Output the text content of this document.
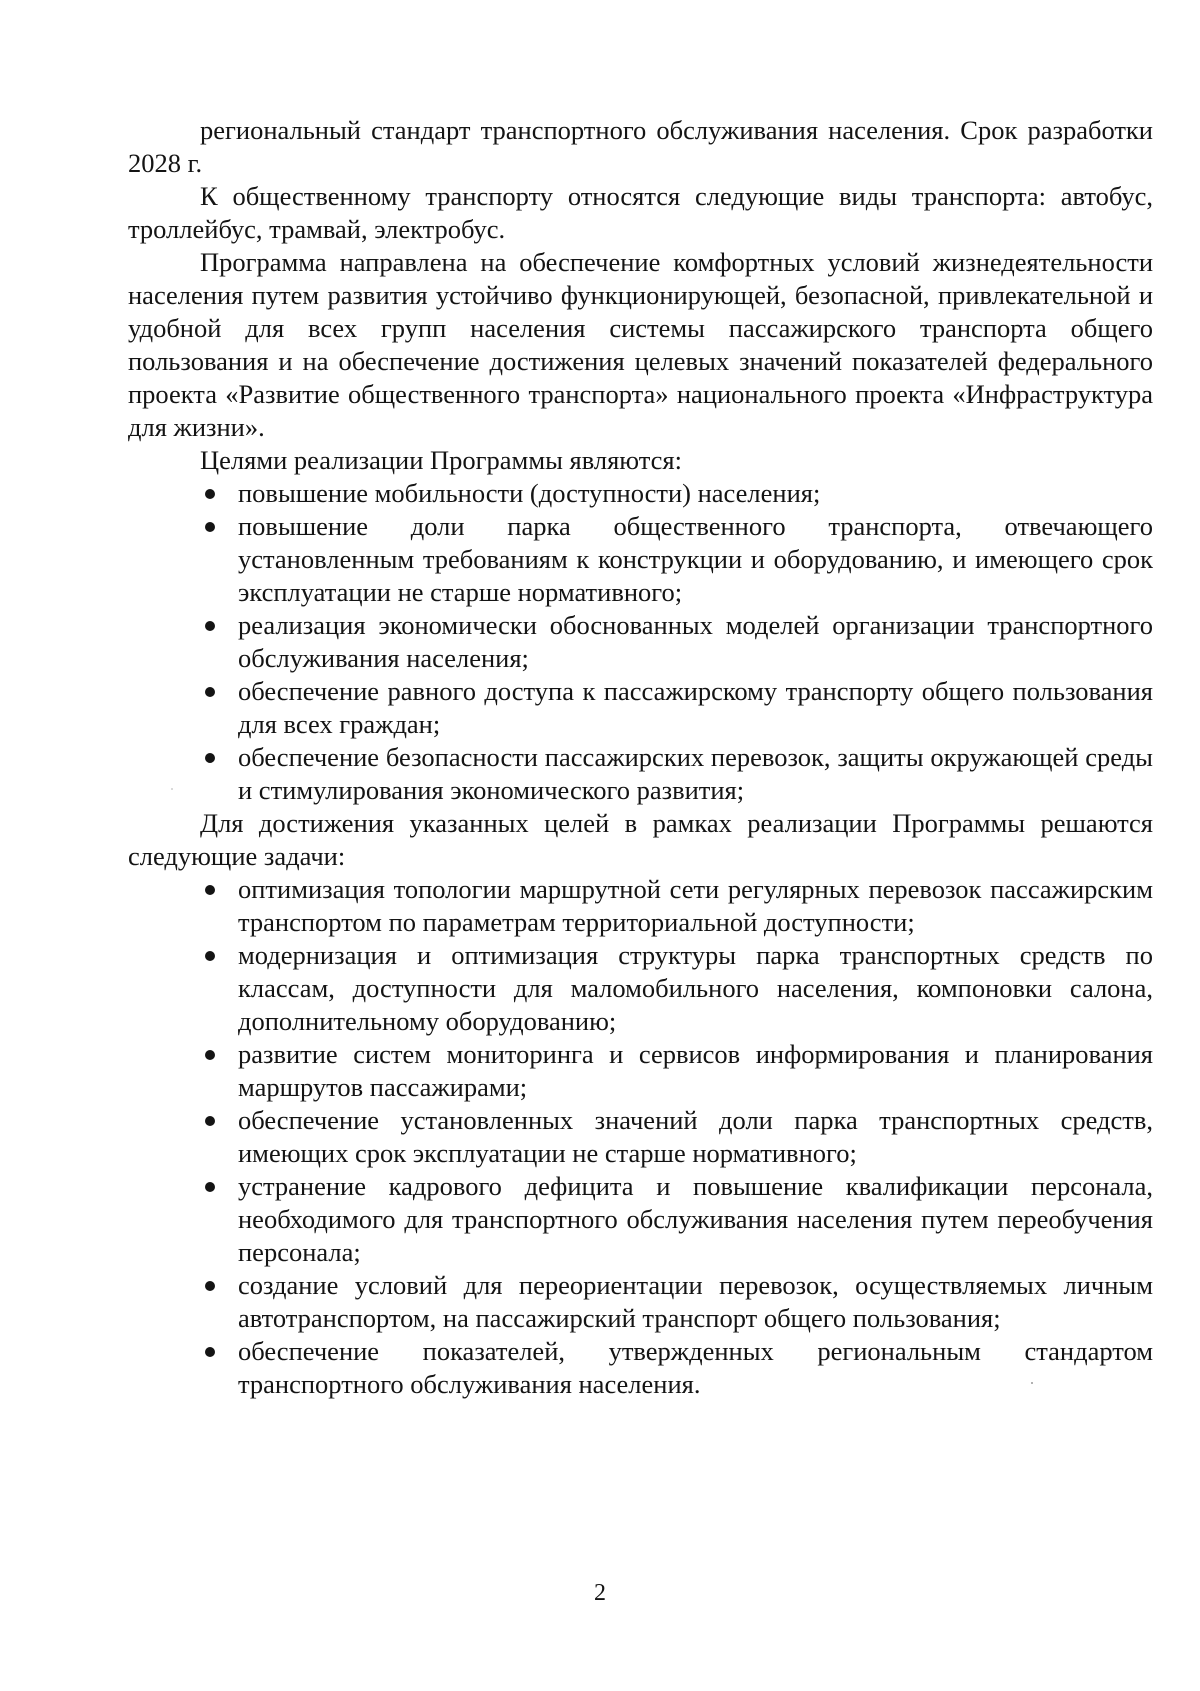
региональный стандарт транспортного обслуживания населения. Срок разработки 2028 г.

К общественному транспорту относятся следующие виды транспорта: автобус, троллейбус, трамвай, электробус.

Программа направлена на обеспечение комфортных условий жизнедеятельности населения путем развития устойчиво функционирующей, безопасной, привлекательной и удобной для всех групп населения системы пассажирского транспорта общего пользования и на обеспечение достижения целевых значений показателей федерального проекта «Развитие общественного транспорта» национального проекта «Инфраструктура для жизни».

Целями реализации Программы являются:

повышение мобильности (доступности) населения;
повышение доли парка общественного транспорта, отвечающего установленным требованиям к конструкции и оборудованию, и имеющего срок эксплуатации не старше нормативного;
реализация экономически обоснованных моделей организации транспортного обслуживания населения;
обеспечение равного доступа к пассажирскому транспорту общего пользования для всех граждан;
обеспечение безопасности пассажирских перевозок, защиты окружающей среды и стимулирования экономического развития;

Для достижения указанных целей в рамках реализации Программы решаются следующие задачи:

оптимизация топологии маршрутной сети регулярных перевозок пассажирским транспортом по параметрам территориальной доступности;
модернизация и оптимизация структуры парка транспортных средств по классам, доступности для маломобильного населения, компоновки салона, дополнительному оборудованию;
развитие систем мониторинга и сервисов информирования и планирования маршрутов пассажирами;
обеспечение установленных значений доли парка транспортных средств, имеющих срок эксплуатации не старше нормативного;
устранение кадрового дефицита и повышение квалификации персонала, необходимого для транспортного обслуживания населения путем переобучения персонала;
создание условий для переориентации перевозок, осуществляемых личным автотранспортом, на пассажирский транспорт общего пользования;
обеспечение показателей, утвержденных региональным стандартом транспортного обслуживания населения.
2
